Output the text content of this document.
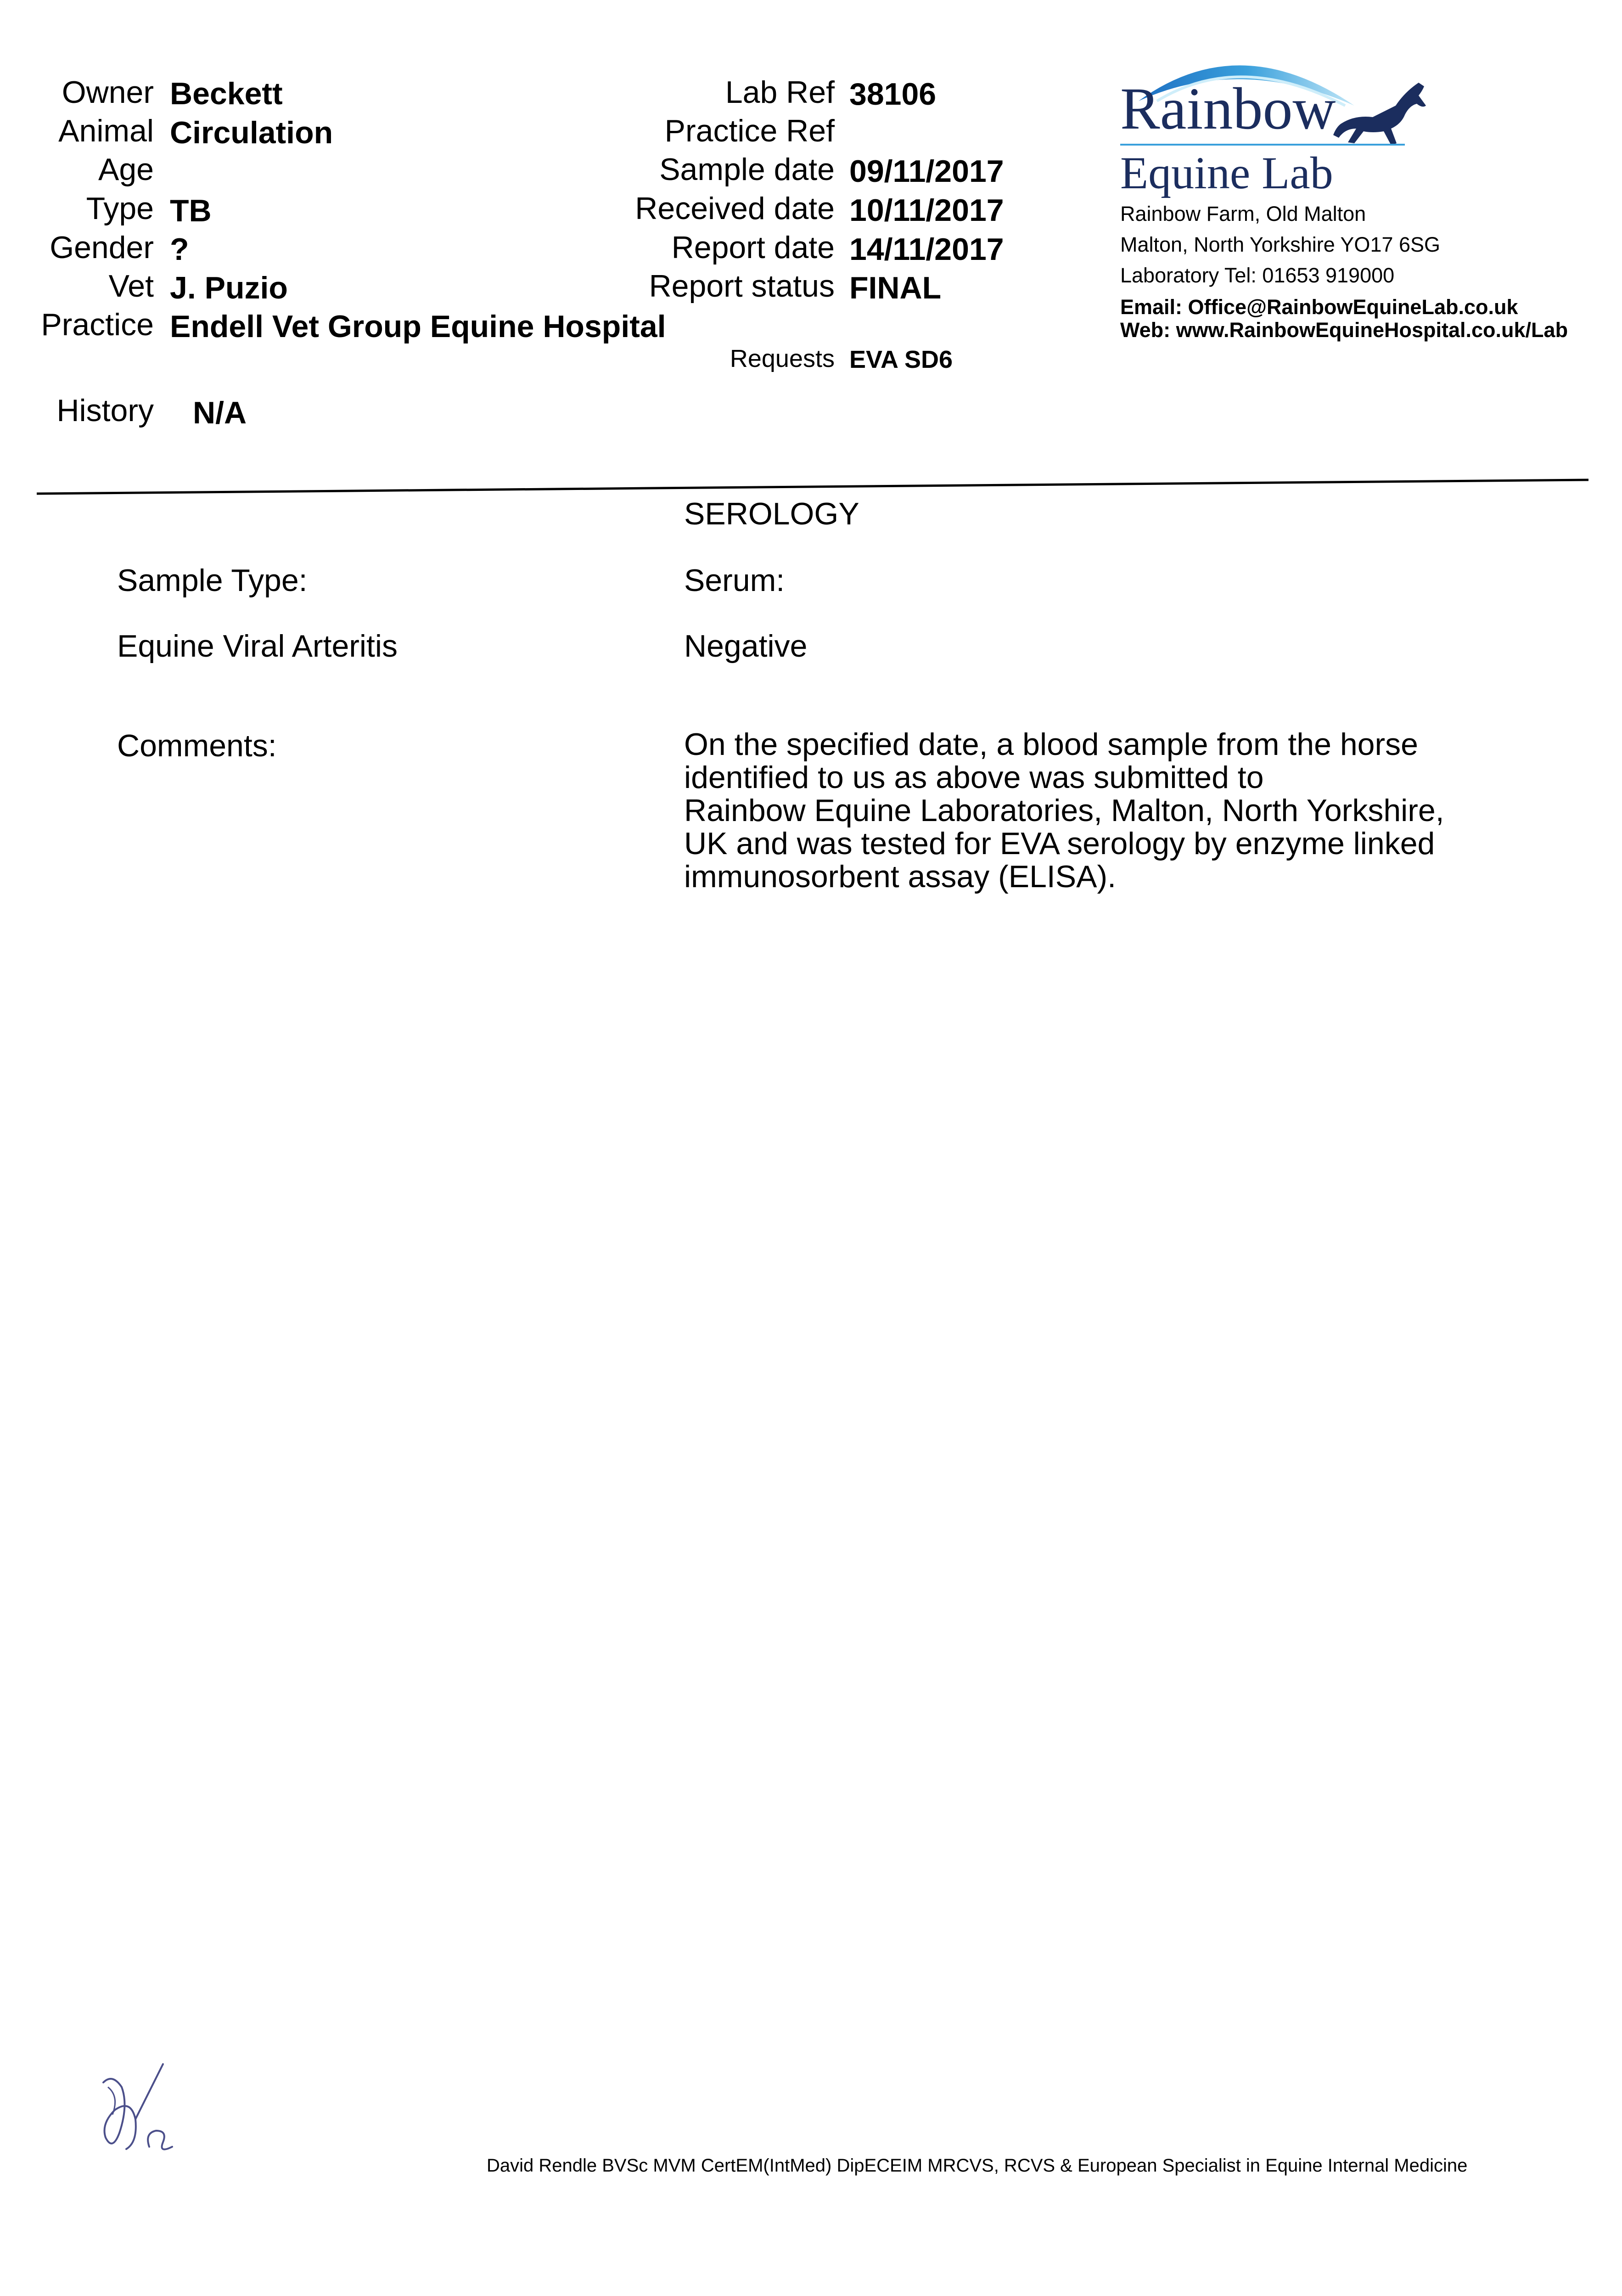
Owner Beckett
Animal Circulation
Age
Type TB
Gender ?
Vet J. Puzio
Practice Endell Vet Group Equine Hospital
History N/A
Lab Ref 38106
Practice Ref
Sample date 09/11/2017
Received date 10/11/2017
Report date 14/11/2017
Report status FINAL
Requests EVA SD6
Rainbow
Equine Lab
Rainbow Farm, Old Malton
Malton, North Yorkshire YO17 6SG
Laboratory Tel: 01653 919000
Email: Office@RainbowEquineLab.co.uk
Web: www.RainbowEquineHospital.co.uk/Lab
SEROLOGY
Sample Type:	Serum:
Equine Viral Arteritis	Negative
Comments:	On the specified date, a blood sample from the horse
identified to us as above was submitted to
Rainbow Equine Laboratories, Malton, North Yorkshire,
UK and was tested for EVA serology by enzyme linked
immunosorbent assay (ELISA).
David Rendle BVSc MVM CertEM(IntMed) DipECEIM MRCVS, RCVS & European Specialist in Equine Internal Medicine
